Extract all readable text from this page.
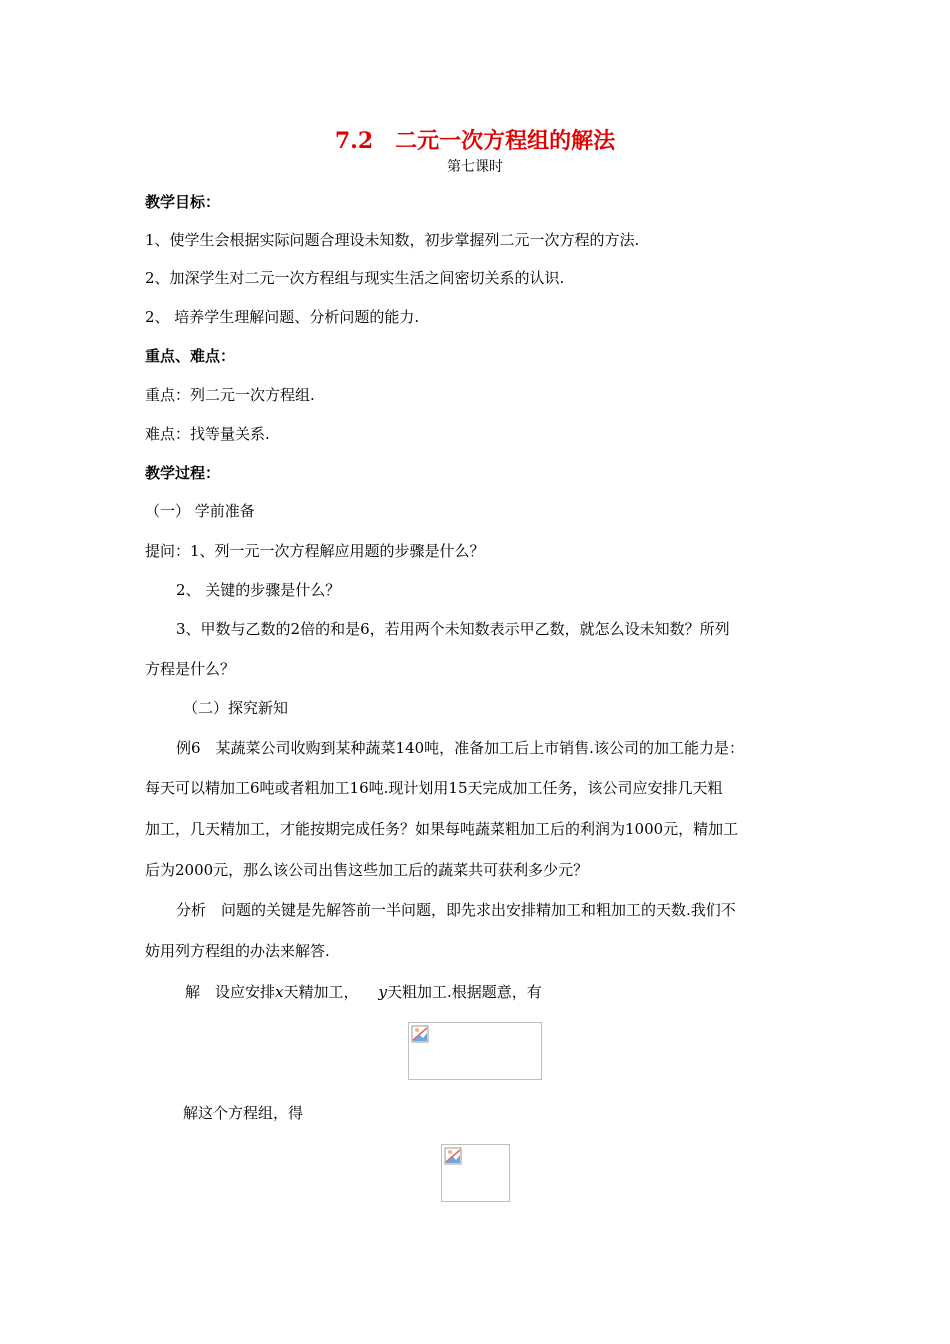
7.2　二元一次方程组的解法
第七课时
教学目标：
1、使学生会根据实际问题合理设未知数，初步掌握列二元一次方程的方法.
2、加深学生对二元一次方程组与现实生活之间密切关系的认识.
2、 培养学生理解问题、分析问题的能力.
重点、难点：
重点：列二元一次方程组.
难点：找等量关系.
教学过程：
（一） 学前准备
提问：1、列一元一次方程解应用题的步骤是什么？
2、 关键的步骤是什么？
3、甲数与乙数的2倍的和是6，若用两个未知数表示甲乙数，就怎么设未知数？所列
方程是什么？
（二）探究新知
例6　某蔬菜公司收购到某种蔬菜140吨，准备加工后上市销售.该公司的加工能力是：
每天可以精加工6吨或者粗加工16吨.现计划用15天完成加工任务，该公司应安排几天粗
加工，几天精加工，才能按期完成任务？如果每吨蔬菜粗加工后的利润为1000元，精加工
后为2000元，那么该公司出售这些加工后的蔬菜共可获利多少元？
分析　问题的关键是先解答前一半问题，即先求出安排精加工和粗加工的天数.我们不
妨用列方程组的办法来解答.
解　设应安排x天精加工， y天粗加工.根据题意，有
解这个方程组，得
